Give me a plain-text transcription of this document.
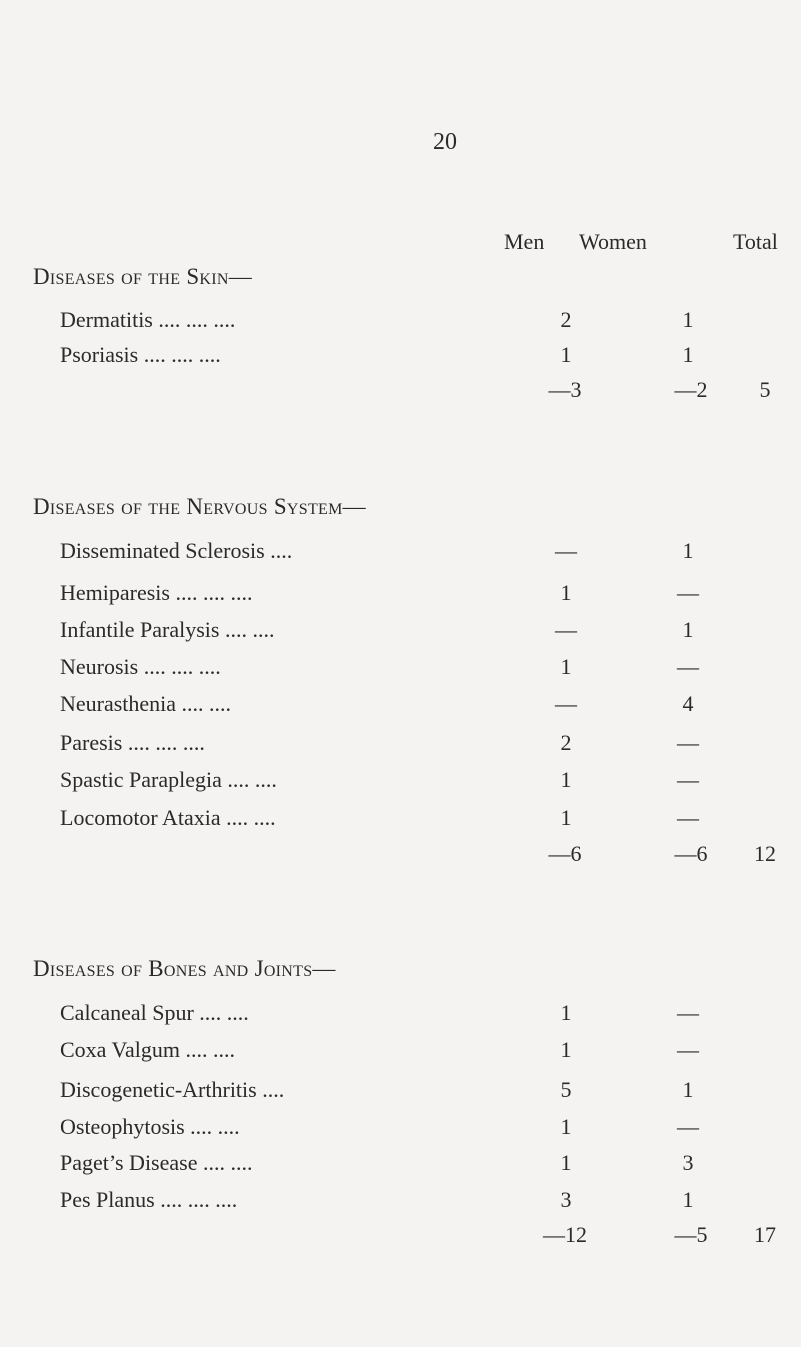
20
Men Women	Total
Diseases of the Skin—
Dermatitis .... .... ....	2	1
Psoriasis .... .... ....	1	1
—3	—2	5
Diseases of the Nervous System—
Disseminated Sclerosis ....	—	1
Hemiparesis .... .... ....	1	—
Infantile Paralysis .... ....	—	1
Neurosis .... .... ....	1	—
Neurasthenia .... ....	—	4
Paresis .... .... ....	2	—
Spastic Paraplegia .... ....	1	—
Locomotor Ataxia .... ....	1	—
—6	—6	12
Diseases of Bones and Joints—
Calcaneal Spur .... ....	1	—
Coxa Valgum .... ....	1	—
Discogenetic-Arthritis ....	5	1
Osteophytosis .... ....	1	—
Paget’s Disease .... ....	1	3
Pes Planus .... .... ....	3	1
—12	—5	17
